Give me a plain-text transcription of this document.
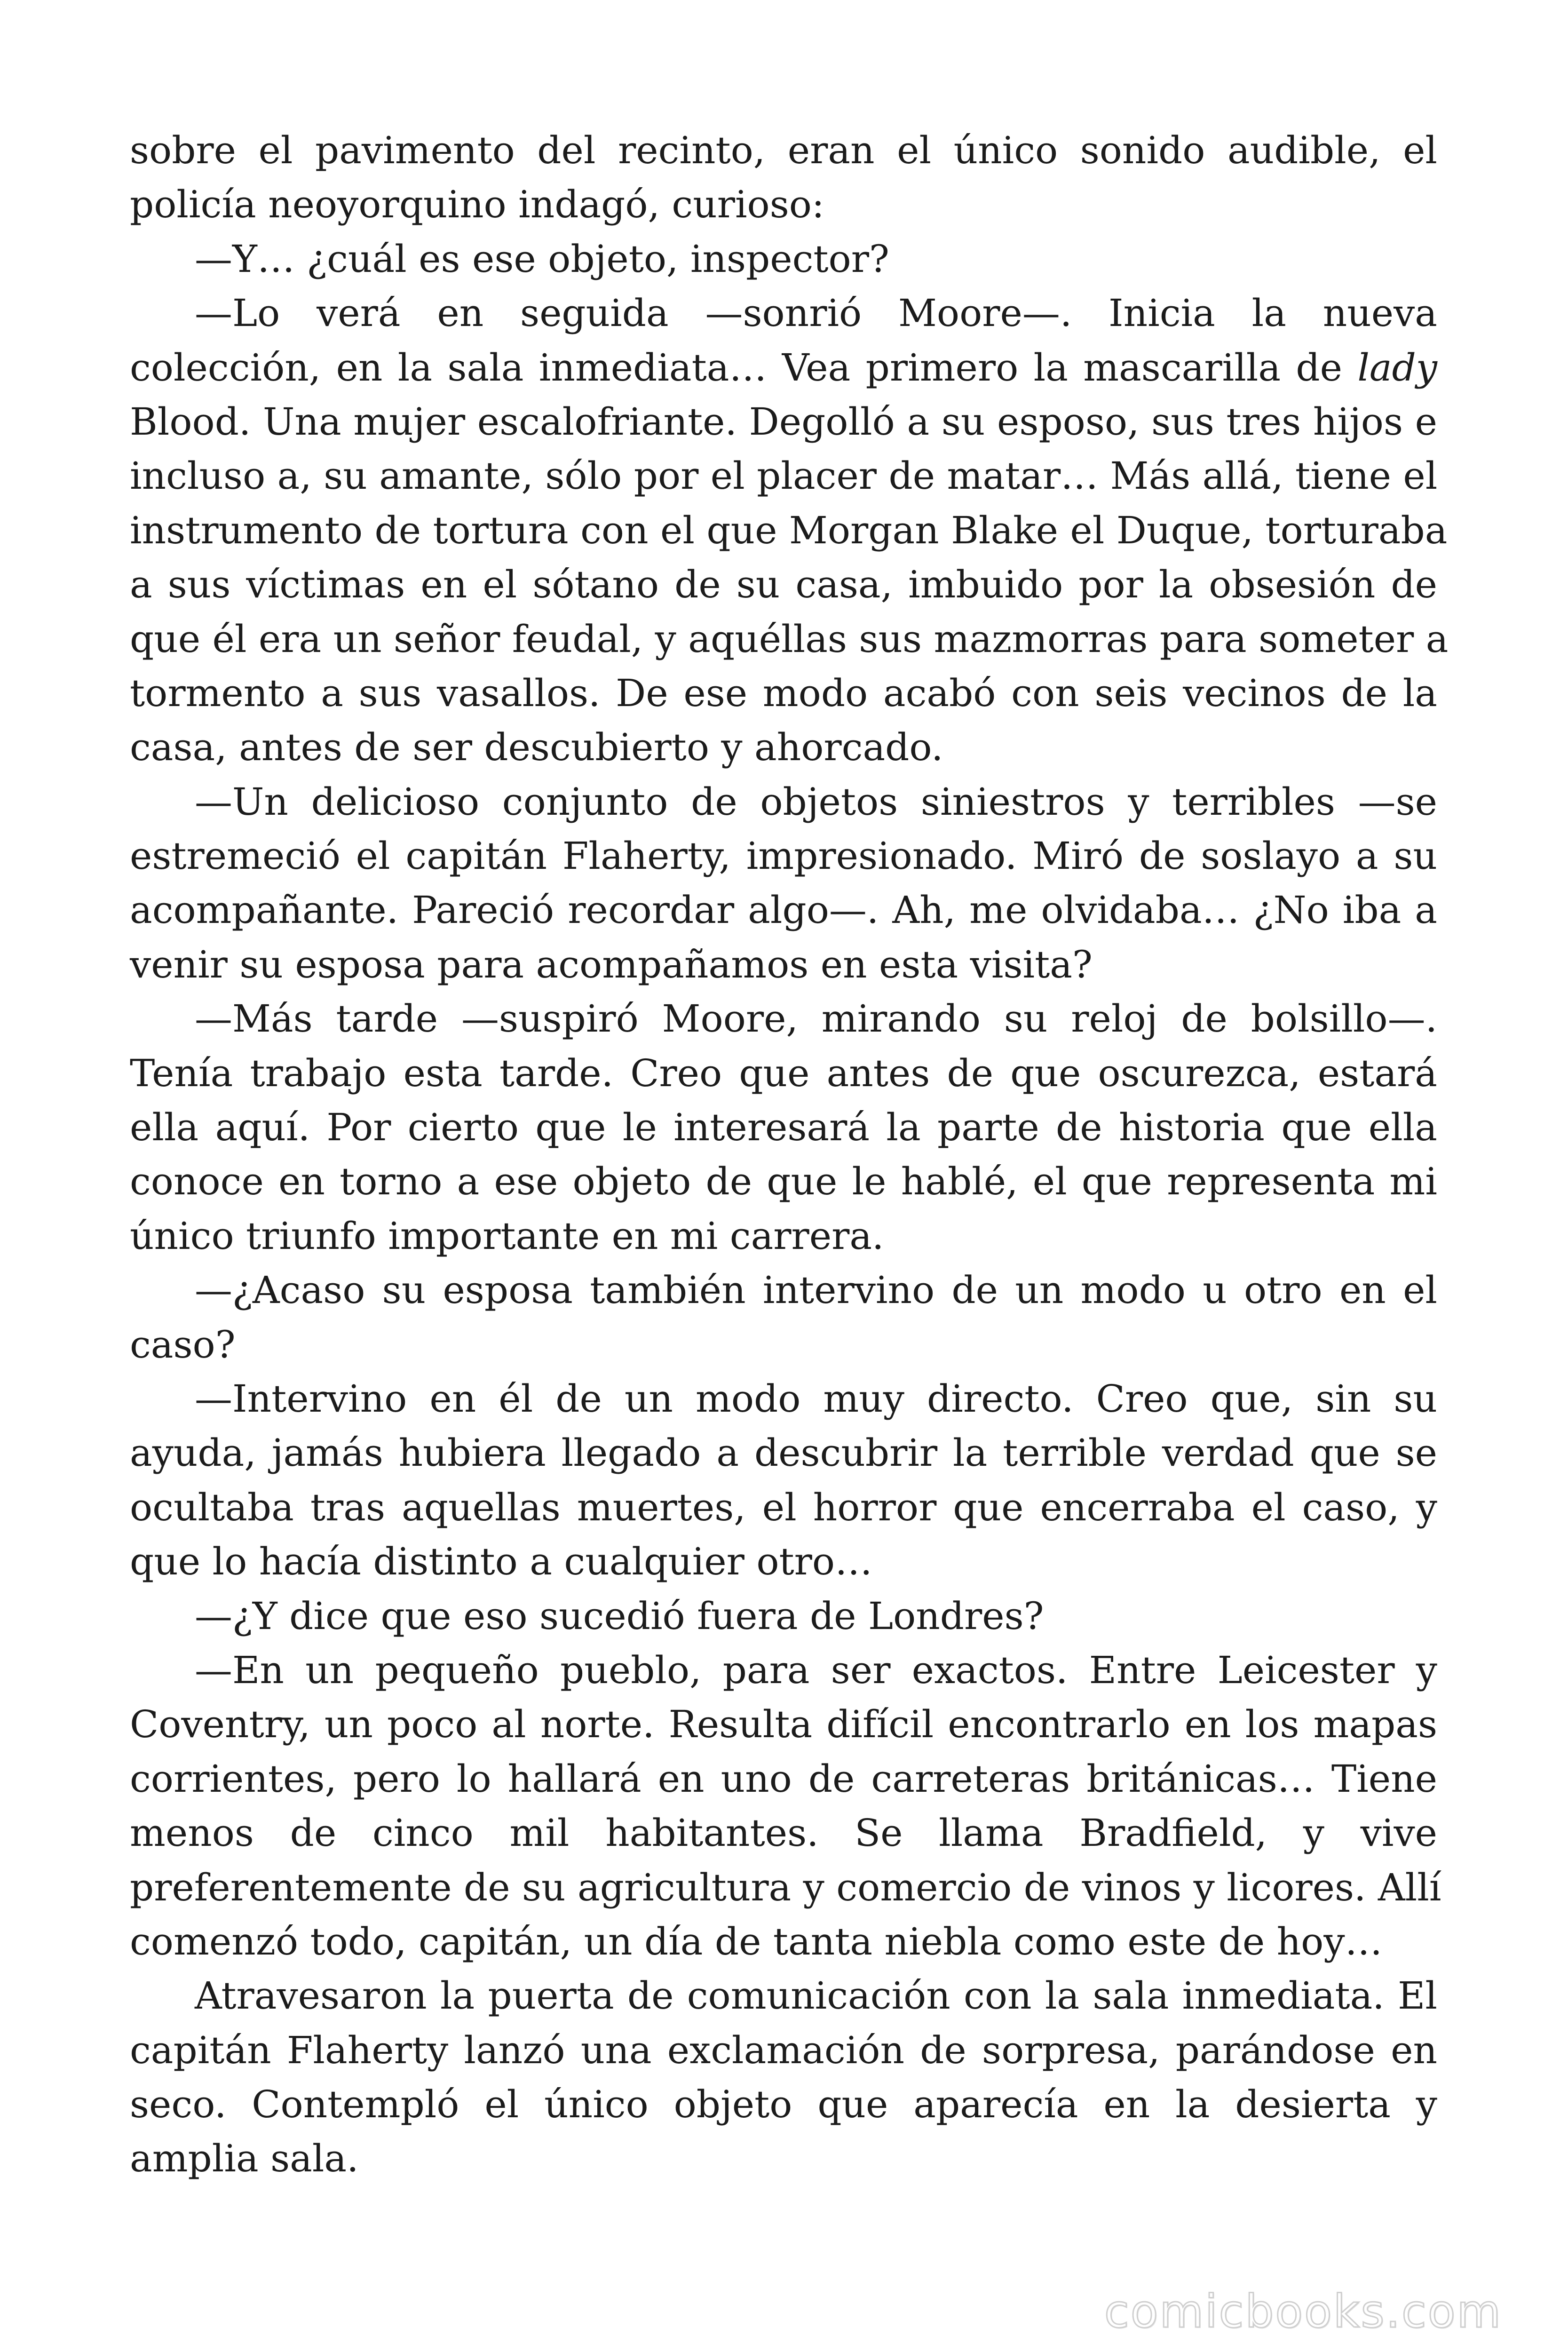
sobre el pavimento del recinto, eran el único sonido audible, el
policía neoyorquino indagó, curioso:
—Y… ¿cuál es ese objeto, inspector?
—Lo verá en seguida —sonrió Moore—. Inicia la nueva
colección, en la sala inmediata… Vea primero la mascarilla de lady
Blood. Una mujer escalofriante. Degolló a su esposo, sus tres hijos e
incluso a, su amante, sólo por el placer de matar… Más allá, tiene el
instrumento de tortura con el que Morgan Blake el Duque, torturaba
a sus víctimas en el sótano de su casa, imbuido por la obsesión de
que él era un señor feudal, y aquéllas sus mazmorras para someter a
tormento a sus vasallos. De ese modo acabó con seis vecinos de la
casa, antes de ser descubierto y ahorcado.
—Un delicioso conjunto de objetos siniestros y terribles —se
estremeció el capitán Flaherty, impresionado. Miró de soslayo a su
acompañante. Pareció recordar algo—. Ah, me olvidaba… ¿No iba a
venir su esposa para acompañamos en esta visita?
—Más tarde —suspiró Moore, mirando su reloj de bolsillo—.
Tenía trabajo esta tarde. Creo que antes de que oscurezca, estará
ella aquí. Por cierto que le interesará la parte de historia que ella
conoce en torno a ese objeto de que le hablé, el que representa mi
único triunfo importante en mi carrera.
—¿Acaso su esposa también intervino de un modo u otro en el
caso?
—Intervino en él de un modo muy directo. Creo que, sin su
ayuda, jamás hubiera llegado a descubrir la terrible verdad que se
ocultaba tras aquellas muertes, el horror que encerraba el caso, y
que lo hacía distinto a cualquier otro…
—¿Y dice que eso sucedió fuera de Londres?
—En un pequeño pueblo, para ser exactos. Entre Leicester y
Coventry, un poco al norte. Resulta difícil encontrarlo en los mapas
corrientes, pero lo hallará en uno de carreteras británicas… Tiene
menos de cinco mil habitantes. Se llama Bradfield, y vive
preferentemente de su agricultura y comercio de vinos y licores. Allí
comenzó todo, capitán, un día de tanta niebla como este de hoy…
Atravesaron la puerta de comunicación con la sala inmediata. El
capitán Flaherty lanzó una exclamación de sorpresa, parándose en
seco. Contempló el único objeto que aparecía en la desierta y
amplia sala.
comicbooks.com
